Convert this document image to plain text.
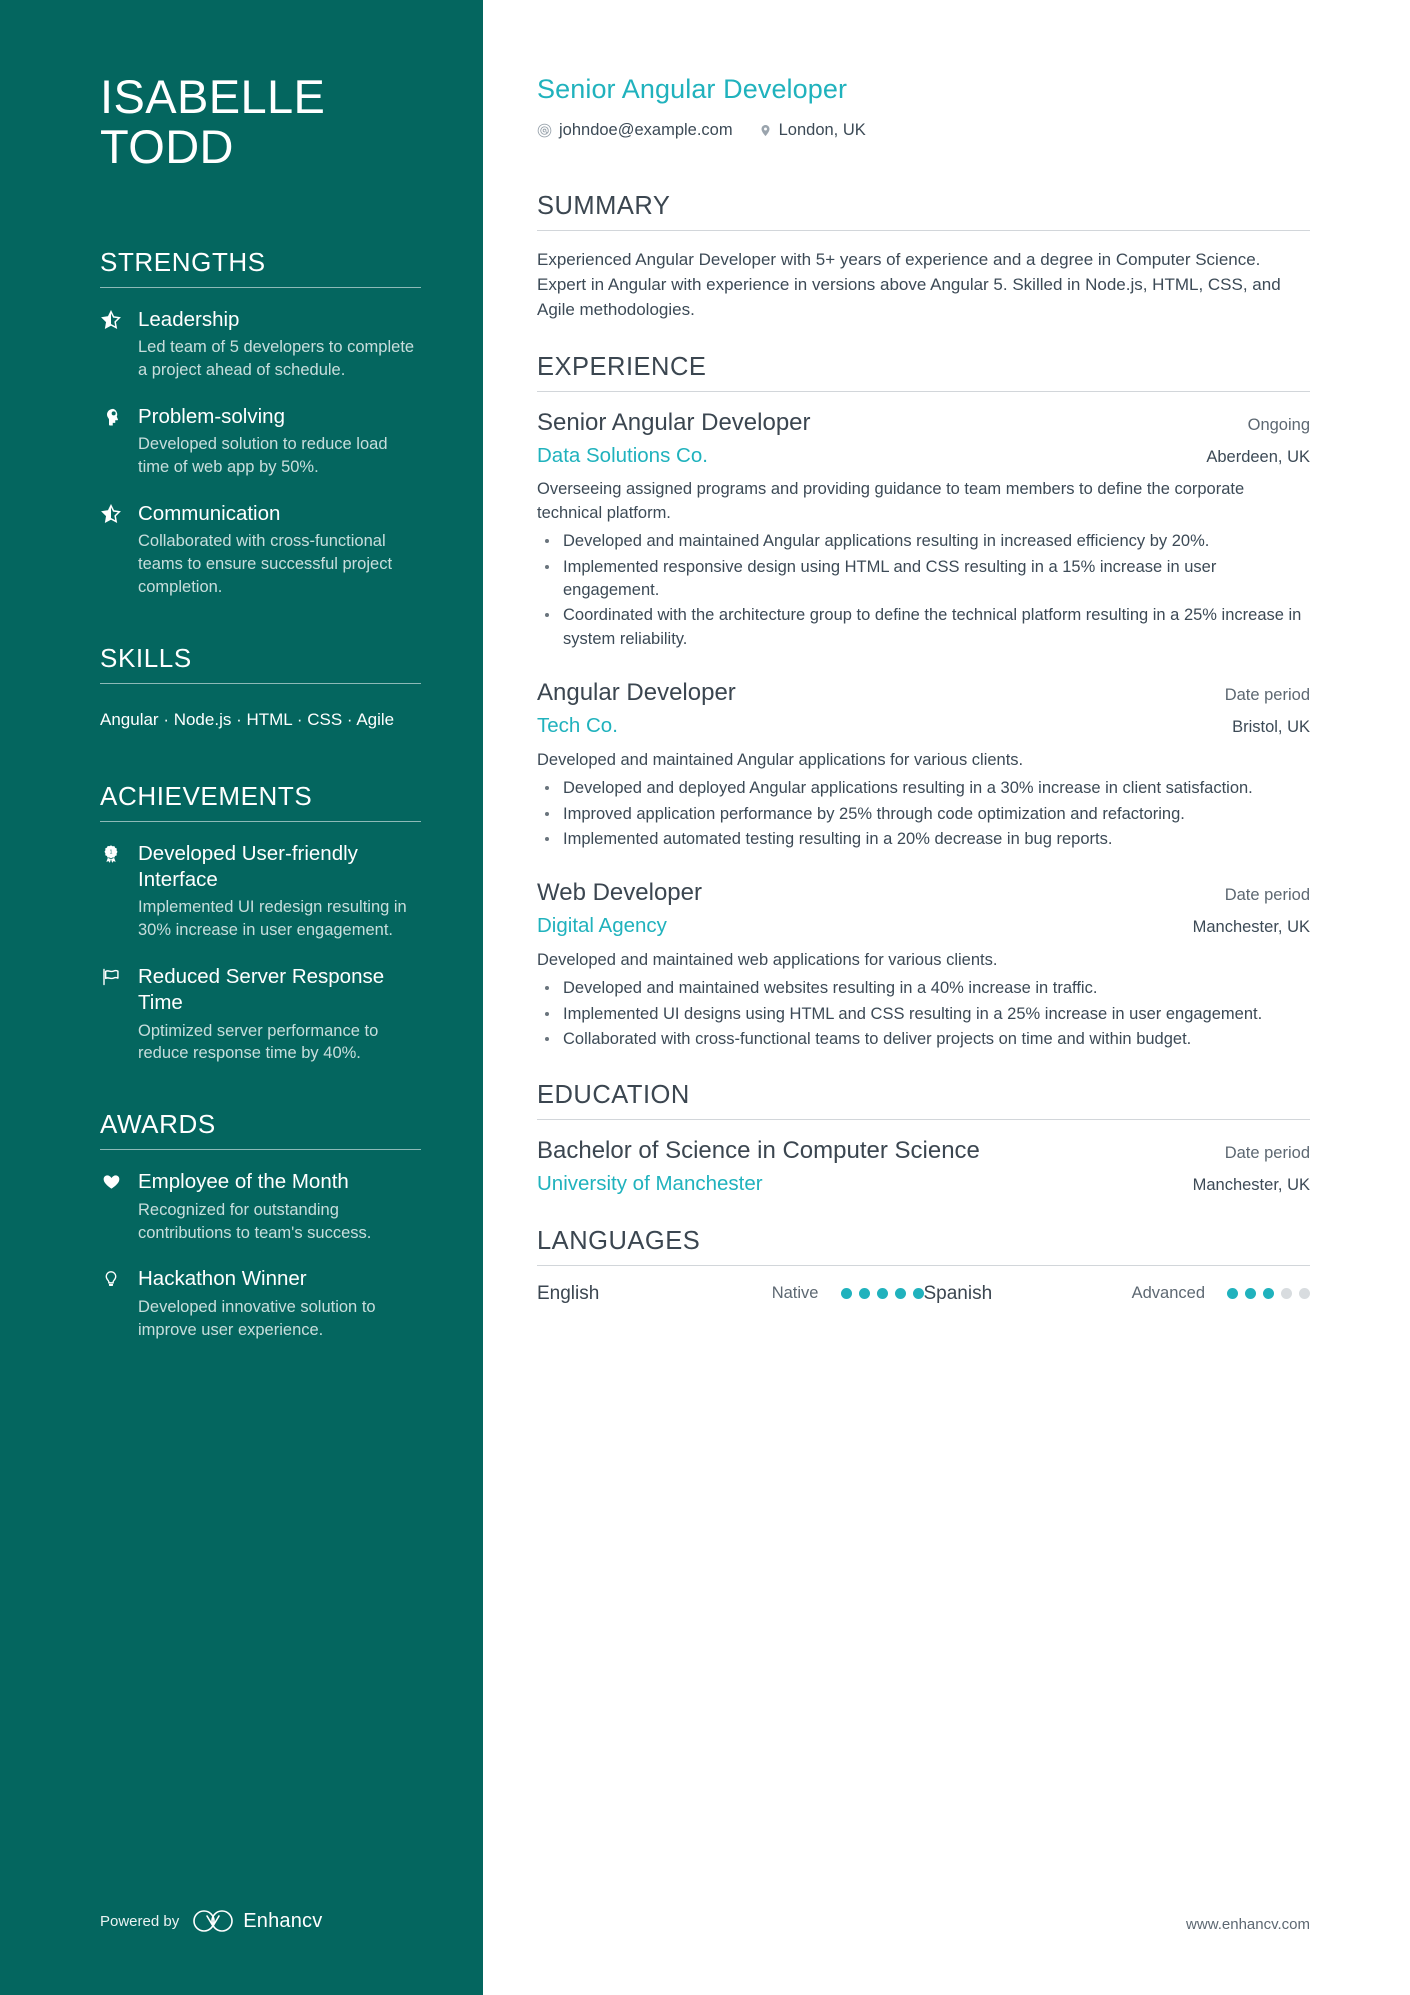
ISABELLE
TODD
STRENGTHS
Leadership
Led team of 5 developers to complete a project ahead of schedule.
Problem-solving
Developed solution to reduce load time of web app by 50%.
Communication
Collaborated with cross-functional teams to ensure successful project completion.
SKILLS
Angular · Node.js · HTML · CSS · Agile
ACHIEVEMENTS
1 Developed User-friendly Interface
Implemented UI redesign resulting in 30% increase in user engagement.
Reduced Server Response Time
Optimized server performance to reduce response time by 40%.
AWARDS
Employee of the Month
Recognized for outstanding contributions to team's success.
Hackathon Winner
Developed innovative solution to improve user experience.
Powered by	Enhancv
Senior Angular Developer
johndoe@example.com	London, UK
SUMMARY

Experienced Angular Developer with 5+ years of experience and a degree in Computer Science. Expert in Angular with experience in versions above Angular 5. Skilled in Node.js, HTML, CSS, and Agile methodologies.

EXPERIENCE
Senior Angular Developer	Ongoing
Data Solutions Co.	Aberdeen, UK

Overseeing assigned programs and providing guidance to team members to define the corporate technical platform.

Developed and maintained Angular applications resulting in increased efficiency by 20%.
Implemented responsive design using HTML and CSS resulting in a 15% increase in user engagement.
Coordinated with the architecture group to define the technical platform resulting in a 25% increase in system reliability.
Angular Developer	Date period
Tech Co.	Bristol, UK

Developed and maintained Angular applications for various clients.

Developed and deployed Angular applications resulting in a 30% increase in client satisfaction.
Improved application performance by 25% through code optimization and refactoring.
Implemented automated testing resulting in a 20% decrease in bug reports.
Web Developer	Date period
Digital Agency	Manchester, UK

Developed and maintained web applications for various clients.

Developed and maintained websites resulting in a 40% increase in traffic.
Implemented UI designs using HTML and CSS resulting in a 25% increase in user engagement.
Collaborated with cross-functional teams to deliver projects on time and within budget.
EDUCATION
Bachelor of Science in Computer Science	Date period
University of Manchester	Manchester, UK
LANGUAGES
English	Native	Spanish	Advanced
www.enhancv.com
